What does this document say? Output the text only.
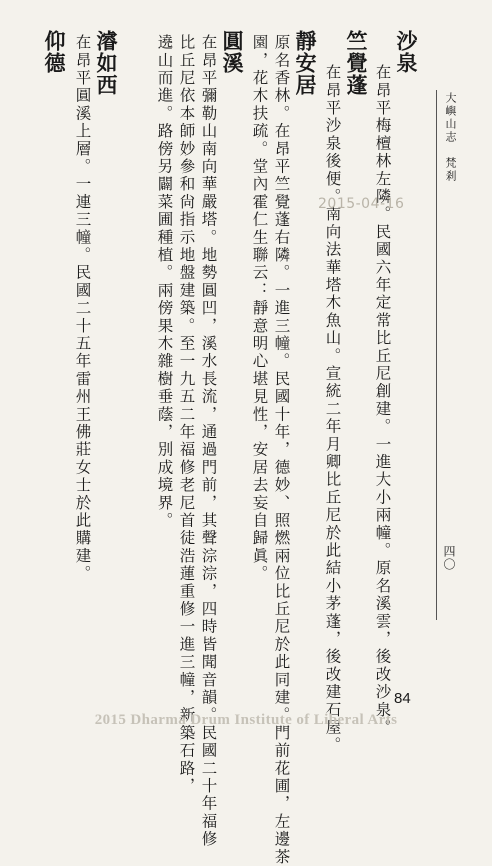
大嶼山志　梵剎
四〇
沙泉
在昂平梅檀林左隣。民國六年定常比丘尼創建。一進大小兩幢。原名溪雲，後改沙泉。
竺覺蓬
在昂平沙泉後便。南向法華塔木魚山。宣統二年月卿比丘尼於此結小茅蓬，後改建石屋。
靜安居
原名香林。在昂平竺覺蓬右隣。一進三幢。民國十年，德妙、照燃兩位比丘尼於此同建。門前花圃，左邊茶
園，花木扶疏。堂內霍仁生聯云：靜意明心堪見性，安居去妄自歸眞。
圓溪
在昂平彌勒山南向華嚴塔。地勢圓凹，溪水長流，通過門前，其聲淙淙，四時皆聞音韻。民國二十年福修
比丘尼依本師妙參和尙指示地盤建築。至一九五二年福修老尼首徒浩蓮重修一進三幢，新築石路，
遶山而進。路傍另闢菜圃種植。兩傍果木雜樹垂蔭，別成境界。
濬如西
在昂平圓溪上層。一連三幢。民國二十五年雷州王佛莊女士於此購建。
仰德
2015-04-16
84
2015 Dharma Drum Institute of Liberal Arts
